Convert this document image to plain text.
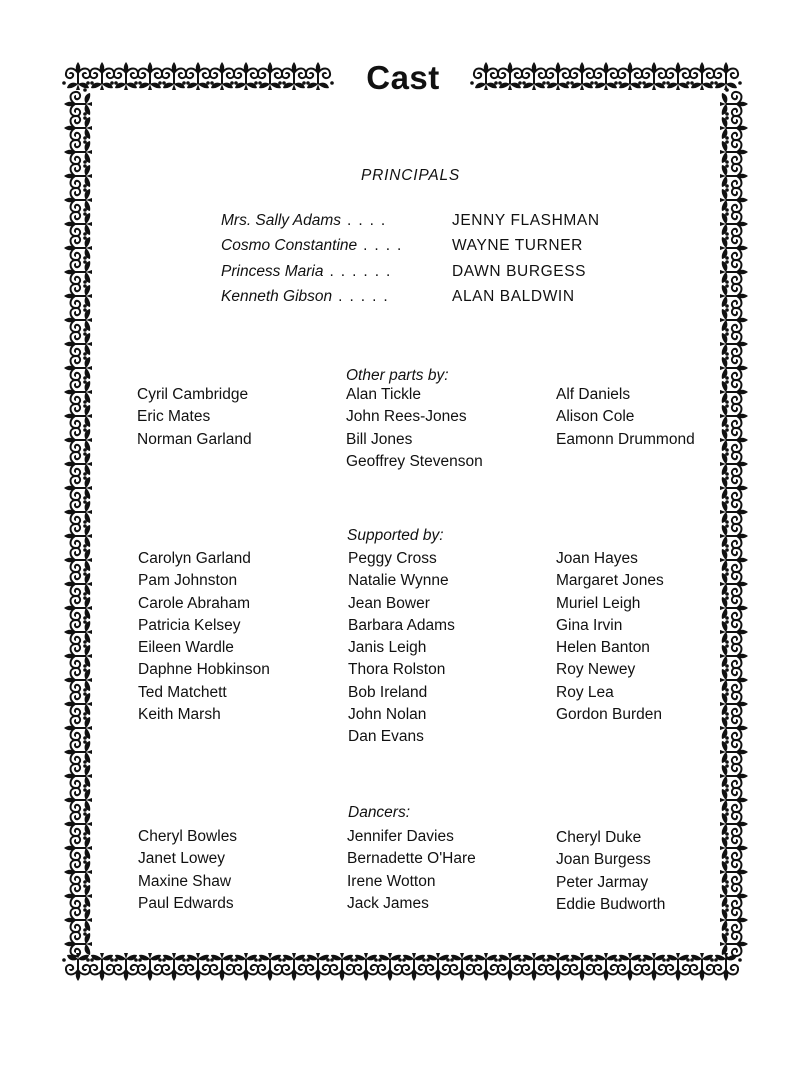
Cast
PRINCIPALS
Mrs. Sally Adams ....	JENNY FLASHMAN
Cosmo Constantine ....	WAYNE TURNER
Princess Maria ......	DAWN BURGESS
Kenneth Gibson .....	ALAN BALDWIN
Other parts by:
Cyril Cambridge
Eric Mates
Norman Garland
Alan Tickle
John Rees-Jones
Bill Jones
Geoffrey Stevenson
Alf Daniels
Alison Cole
Eamonn Drummond
Supported by:
Carolyn Garland
Pam Johnston
Carole Abraham
Patricia Kelsey
Eileen Wardle
Daphne Hobkinson
Ted Matchett
Keith Marsh
Peggy Cross
Natalie Wynne
Jean Bower
Barbara Adams
Janis Leigh
Thora Rolston
Bob Ireland
John Nolan
Dan Evans
Joan Hayes
Margaret Jones
Muriel Leigh
Gina Irvin
Helen Banton
Roy Newey
Roy Lea
Gordon Burden
Dancers:
Cheryl Bowles
Janet Lowey
Maxine Shaw
Paul Edwards
Jennifer Davies
Bernadette O'Hare
Irene Wotton
Jack James
Cheryl Duke
Joan Burgess
Peter Jarmay
Eddie Budworth
